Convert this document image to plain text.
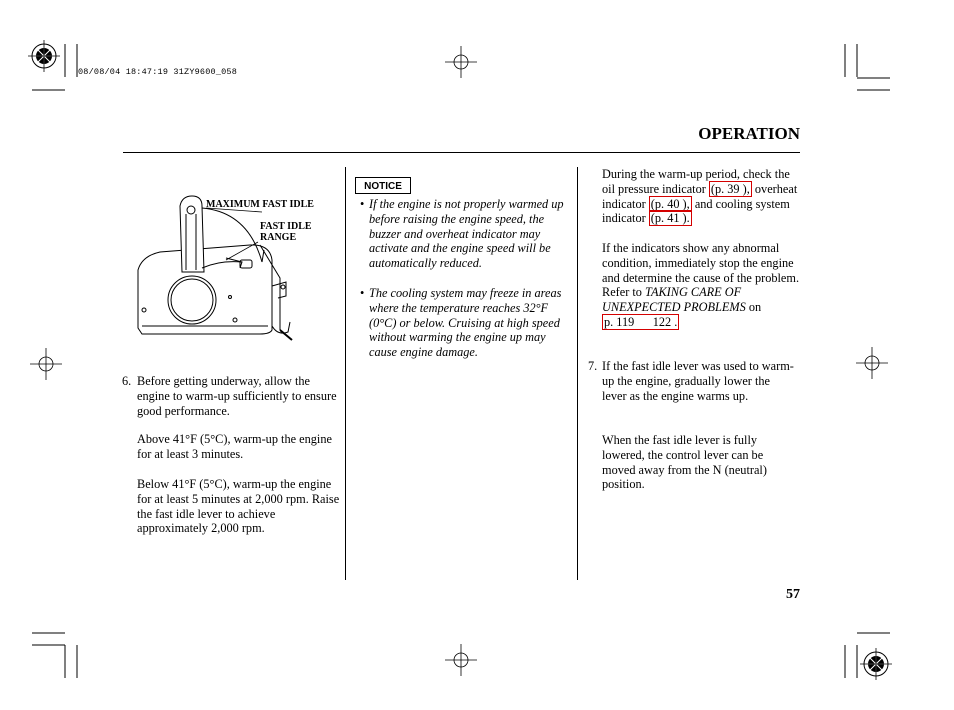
08/08/04 18:47:19 31ZY9600_058
OPERATION
MAXIMUM FAST IDLE
FAST IDLE
RANGE
6. Before getting underway, allow the engine to warm-up sufficiently to ensure good performance.

Above 41°F (5°C), warm-up the engine for at least 3 minutes.

Below 41°F (5°C), warm-up the engine for at least 5 minutes at 2,000 rpm. Raise the fast idle lever to achieve approximately 2,000 rpm.

NOTICE
• If the engine is not properly warmed up before raising the engine speed, the buzzer and overheat indicator may activate and the engine speed will be automatically reduced.

• The cooling system may freeze in areas where the temperature reaches 32°F (0°C) or below. Cruising at high speed without warming the engine up may cause engine damage.

During the warm-up period, check the oil pressure indicator (p. 39 ), overheat indicator (p. 40 ), and cooling system indicator (p. 41 ).

If the indicators show any abnormal condition, immediately stop the engine and determine the cause of the problem. Refer to TAKING CARE OF UNEXPECTED PROBLEMS on p. 119      122 .

7. If the fast idle lever was used to warm-up the engine, gradually lower the lever as the engine warms up.

When the fast idle lever is fully lowered, the control lever can be moved away from the N (neutral) position.

57
